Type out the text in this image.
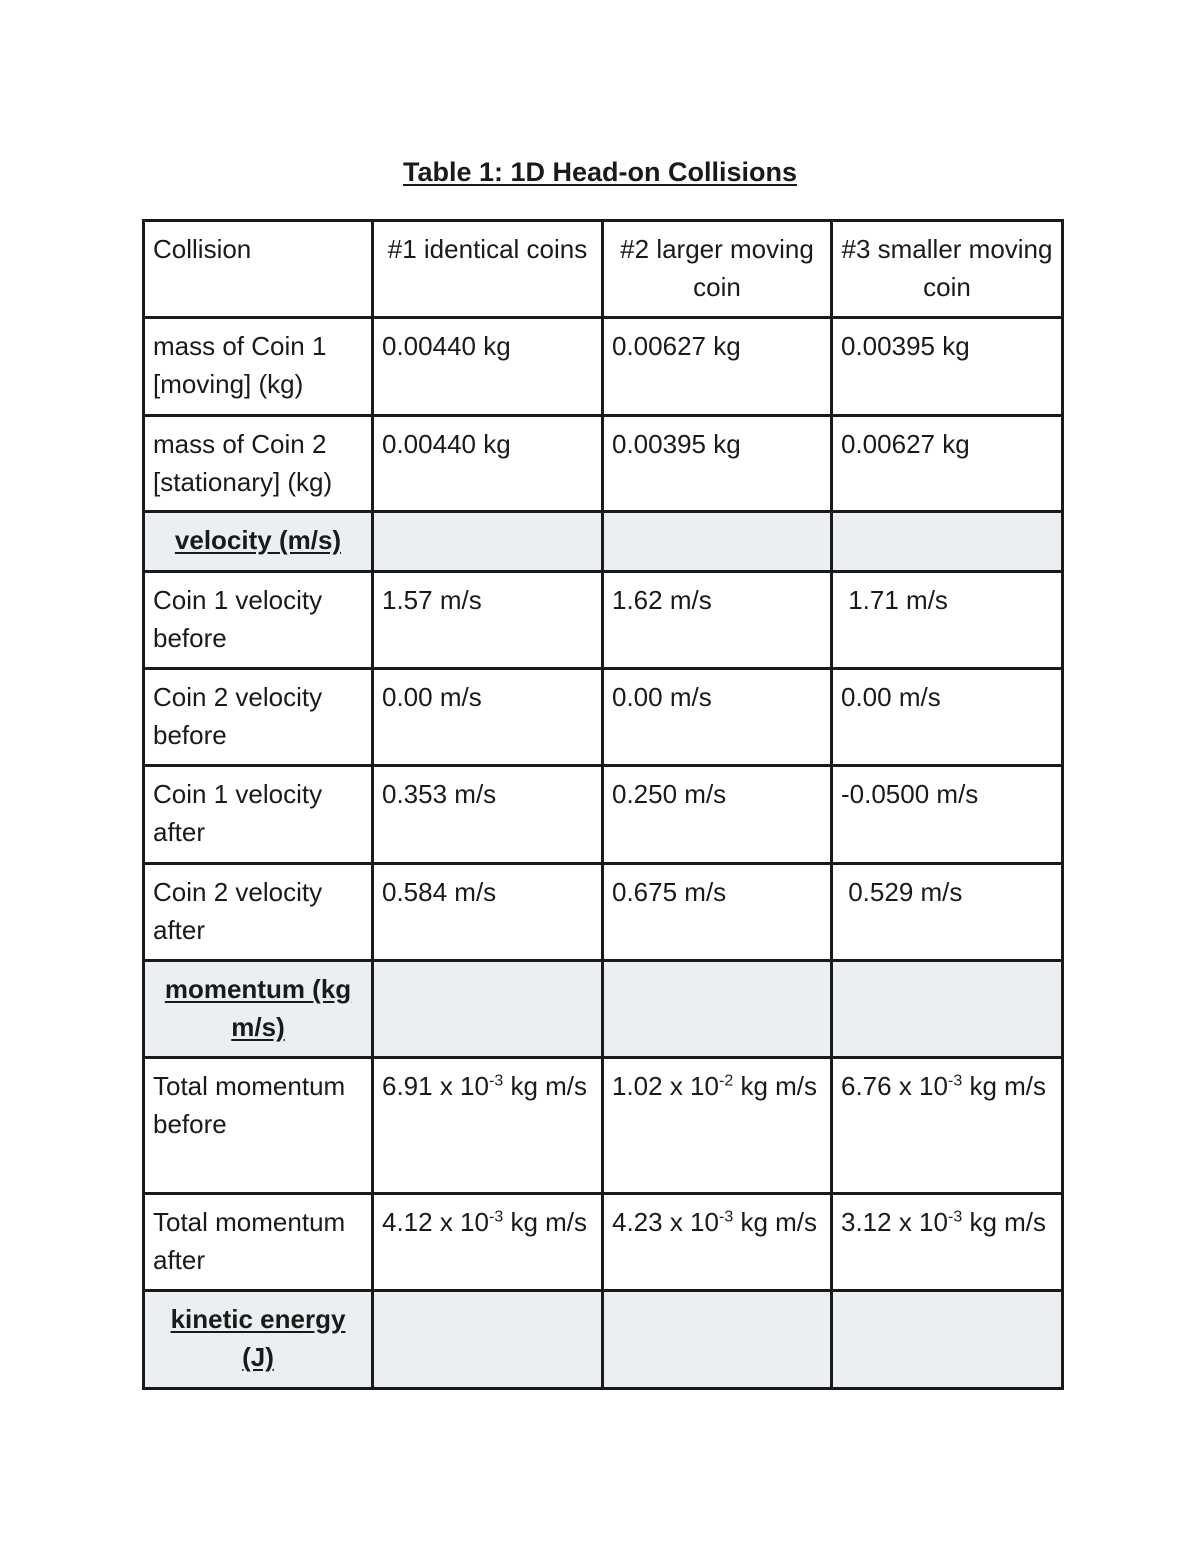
Table 1: 1D Head-on Collisions
Collision	#1 identical coins	#2 larger moving coin	#3 smaller moving coin
mass of Coin 1 [moving] (kg)	0.00440 kg	0.00627 kg	0.00395 kg
mass of Coin 2 [stationary] (kg)	0.00440 kg	0.00395 kg	0.00627 kg
velocity (m/s)			
Coin 1 velocity before	1.57 m/s	1.62 m/s	1.71 m/s
Coin 2 velocity before	0.00 m/s	0.00 m/s	0.00 m/s
Coin 1 velocity after	0.353 m/s	0.250 m/s	-0.0500 m/s
Coin 2 velocity after	0.584 m/s	0.675 m/s	0.529 m/s
momentum (kg m/s)			
Total momentum before	6.91 x $10^{-3}$ kg m/s	1.02 x $10^{-2}$ kg m/s	6.76 x $10^{-3}$ kg m/s
Total momentum after	4.12 x $10^{-3}$ kg m/s	4.23 x $10^{-3}$ kg m/s	3.12 x $10^{-3}$ kg m/s
kinetic energy (J)			
